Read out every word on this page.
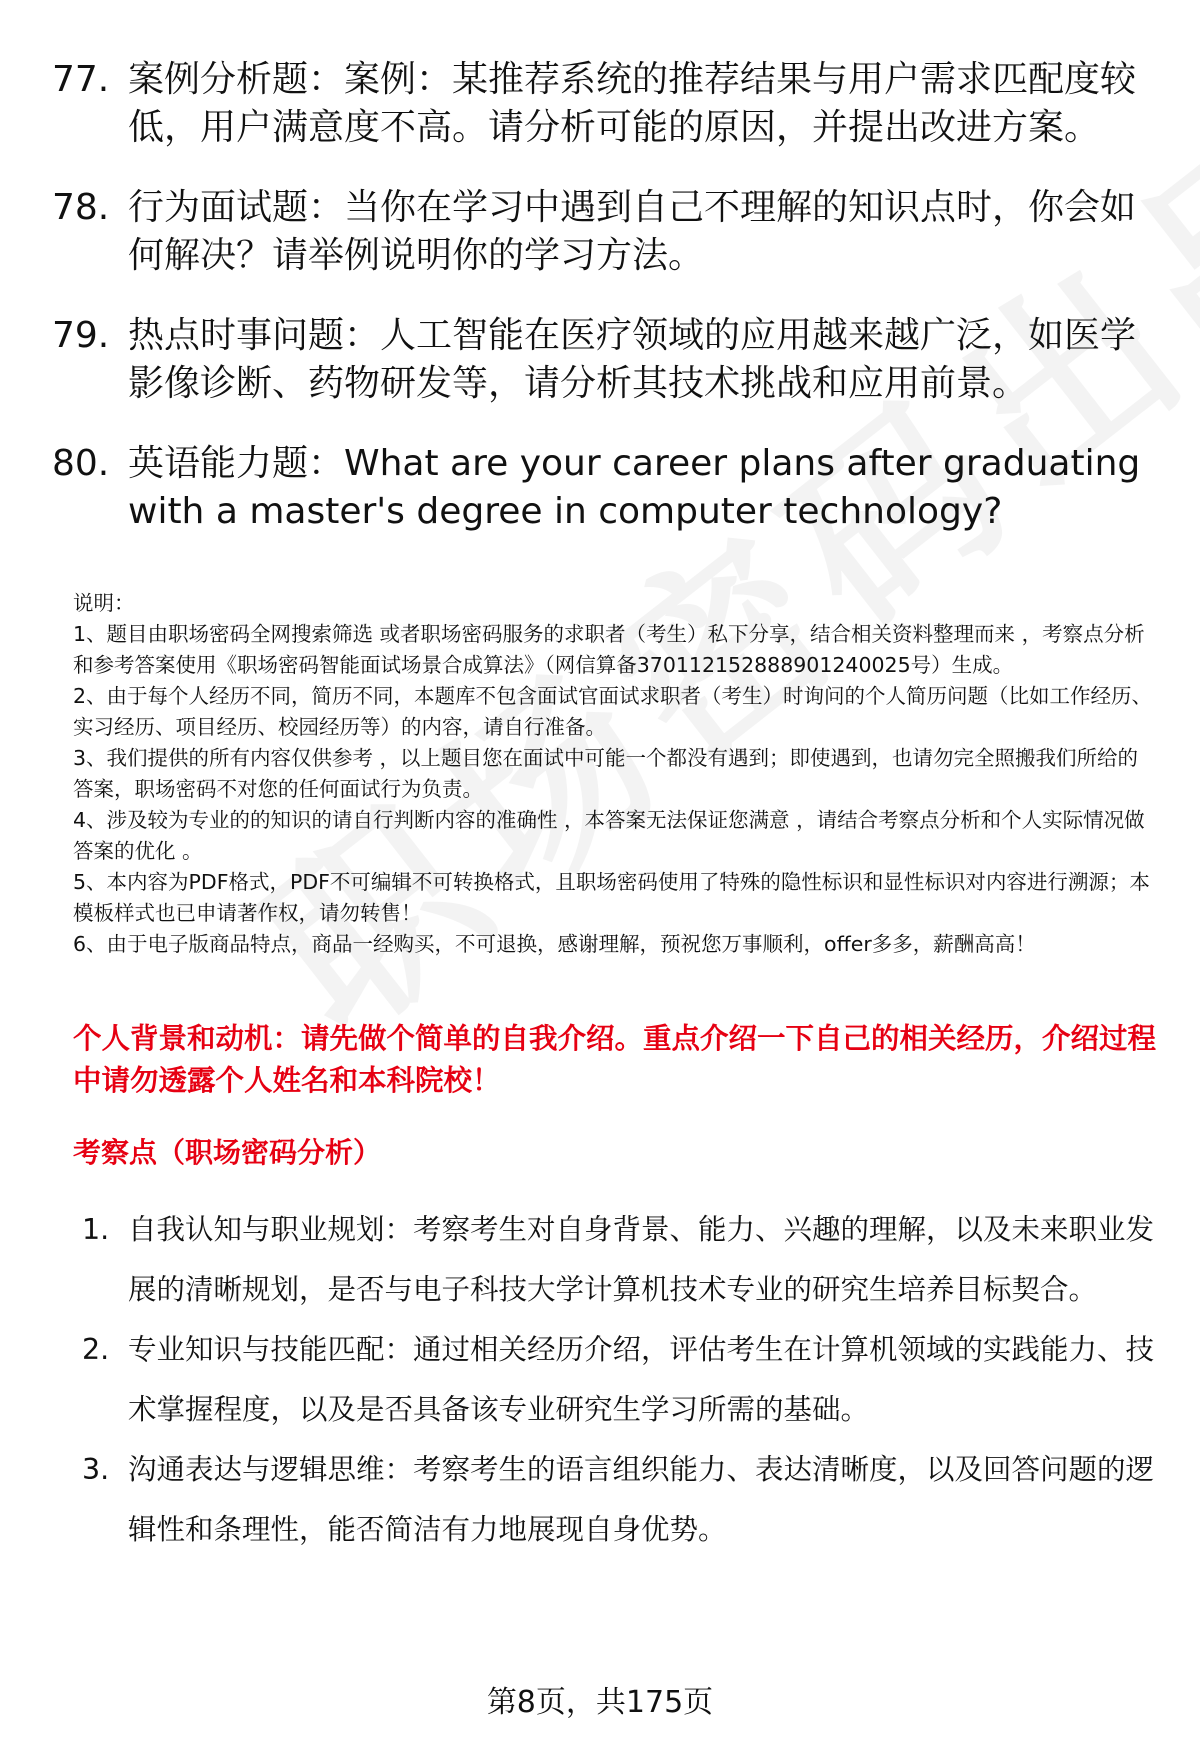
77. 案例分析题：案例：某推荐系统的推荐结果与用户需求匹配度较低，用户满意度不高。请分析可能的原因，并提出改进方案。
78. 行为面试题：当你在学习中遇到自己不理解的知识点时，你会如何解决？请举例说明你的学习方法。
79. 热点时事问题：人工智能在医疗领域的应用越来越广泛，如医学影像诊断、药物研发等，请分析其技术挑战和应用前景。
80. 英语能力题：What are your career plans after graduating with a master's degree in computer technology?

说明：

1、题目由职场密码全网搜索筛选 或者职场密码服务的求职者（考生）私下分享，结合相关资料整理而来 ，考察点分析和参考答案使用《职场密码智能面试场景合成算法》（网信算备370112152888901240025号）生成。

2、由于每个人经历不同，简历不同，本题库不包含面试官面试求职者（考生）时询问的个人简历问题（比如工作经历、实习经历、项目经历、校园经历等）的内容，请自行准备。

3、我们提供的所有内容仅供参考 ，以上题目您在面试中可能一个都没有遇到；即使遇到，也请勿完全照搬我们所给的答案，职场密码不对您的任何面试行为负责。

4、涉及较为专业的的知识的请自行判断内容的准确性 ，本答案无法保证您满意 ，请结合考察点分析和个人实际情况做答案的优化 。

5、本内容为PDF格式，PDF不可编辑不可转换格式，且职场密码使用了特殊的隐性标识和显性标识对内容进行溯源；本模板样式也已申请著作权，请勿转售！

6、由于电子版商品特点，商品一经购买，不可退换，感谢理解，预祝您万事顺利，offer多多，薪酬高高！

个人背景和动机：请先做个简单的自我介绍。重点介绍一下自己的相关经历，介绍过程中请勿透露个人姓名和本科院校！
考察点（职场密码分析）
1. 自我认知与职业规划：考察考生对自身背景、能力、兴趣的理解，以及未来职业发展的清晰规划，是否与电子科技大学计算机技术专业的研究生培养目标契合。
2. 专业知识与技能匹配：通过相关经历介绍，评估考生在计算机领域的实践能力、技术掌握程度，以及是否具备该专业研究生学习所需的基础。
3. 沟通表达与逻辑思维：考察考生的语言组织能力、表达清晰度，以及回答问题的逻辑性和条理性，能否简洁有力地展现自身优势。
第8页，共175页
